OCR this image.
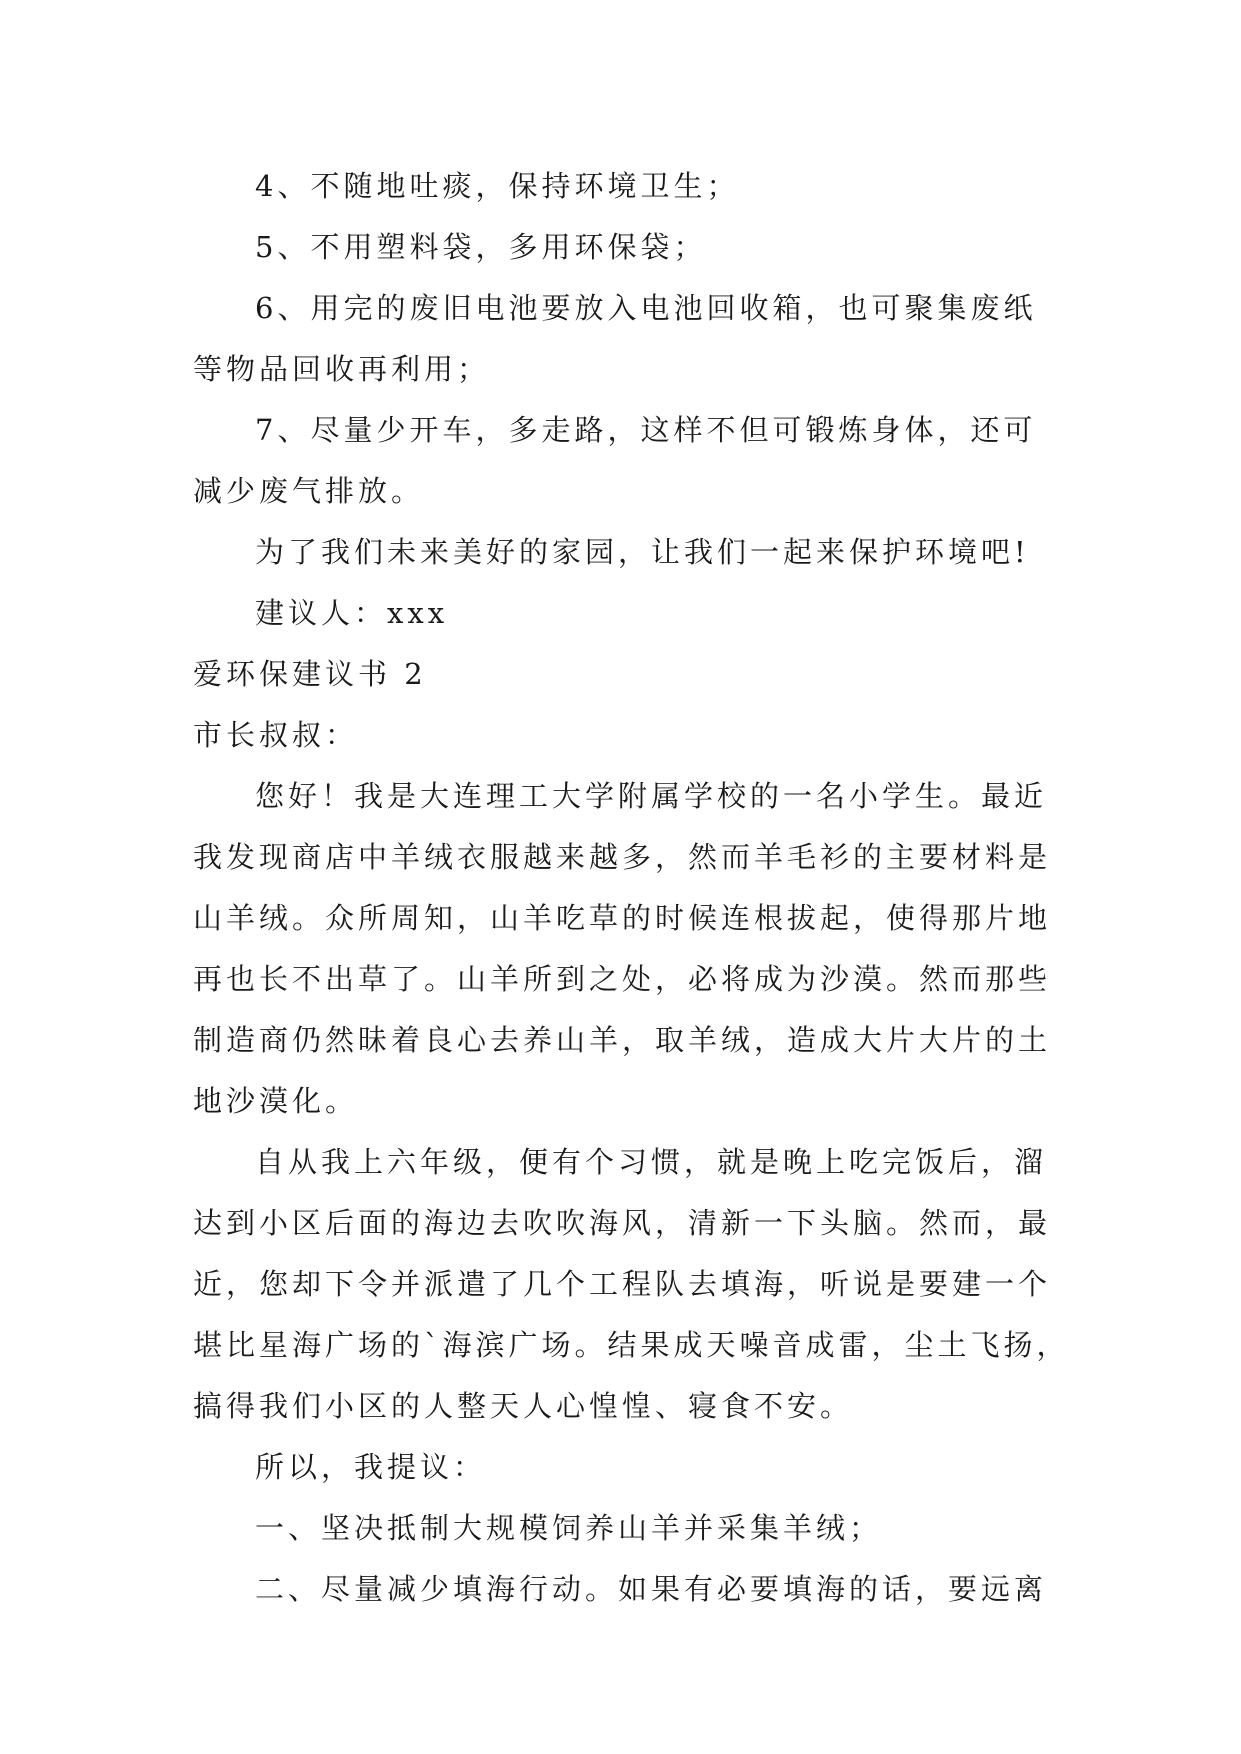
4、不随地吐痰，保持环境卫生；
5、不用塑料袋，多用环保袋；
6、用完的废旧电池要放入电池回收箱，也可聚集废纸
等物品回收再利用；
7、尽量少开车，多走路，这样不但可锻炼身体，还可
减少废气排放。
为了我们未来美好的家园，让我们一起来保护环境吧!
建议人：xxx
爱环保建议书 2
市长叔叔：
您好！我是大连理工大学附属学校的一名小学生。最近
我发现商店中羊绒衣服越来越多，然而羊毛衫的主要材料是
山羊绒。众所周知，山羊吃草的时候连根拔起，使得那片地
再也长不出草了。山羊所到之处，必将成为沙漠。然而那些
制造商仍然昧着良心去养山羊，取羊绒，造成大片大片的土
地沙漠化。
自从我上六年级，便有个习惯，就是晚上吃完饭后，溜
达到小区后面的海边去吹吹海风，清新一下头脑。然而，最
近，您却下令并派遣了几个工程队去填海，听说是要建一个
堪比星海广场的`海滨广场。结果成天噪音成雷，尘土飞扬，
搞得我们小区的人整天人心惶惶、寝食不安。
所以，我提议：
一、坚决抵制大规模饲养山羊并采集羊绒；
二、尽量减少填海行动。如果有必要填海的话，要远离
